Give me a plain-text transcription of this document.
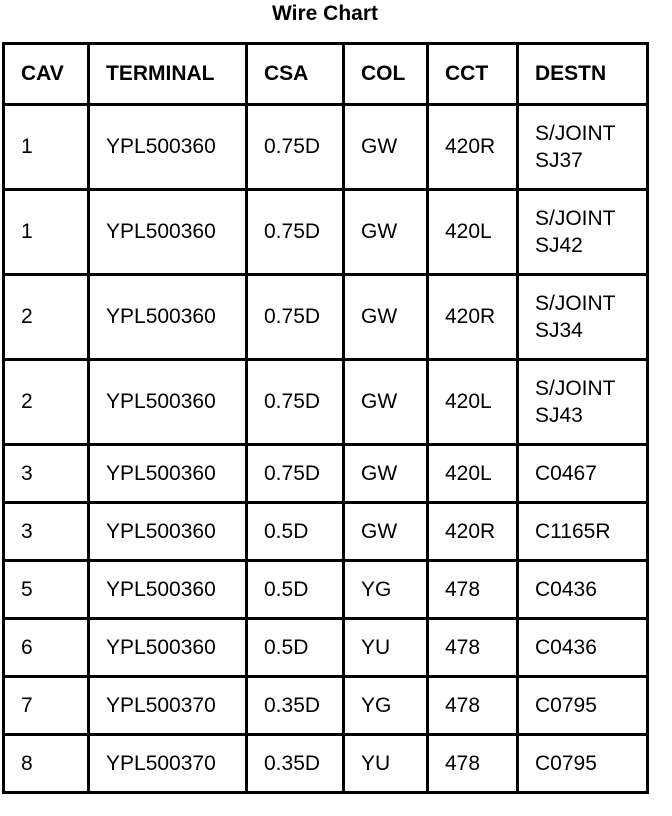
Wire Chart
CAV	TERMINAL	CSA	COL	CCT	DESTN
1	YPL500360	0.75D	GW	420R	S/JOINT
SJ37

1	YPL500360	0.75D	GW	420L	S/JOINT
SJ42

2	YPL500360	0.75D	GW	420R	S/JOINT
SJ34

2	YPL500360	0.75D	GW	420L	S/JOINT
SJ43

3	YPL500360	0.75D	GW	420L	C0467

3	YPL500360	0.5D	GW	420R	C1165R

5	YPL500360	0.5D	YG	478	C0436

6	YPL500360	0.5D	YU	478	C0436

7	YPL500370	0.35D	YG	478	C0795

8	YPL500370	0.35D	YU	478	C0795
